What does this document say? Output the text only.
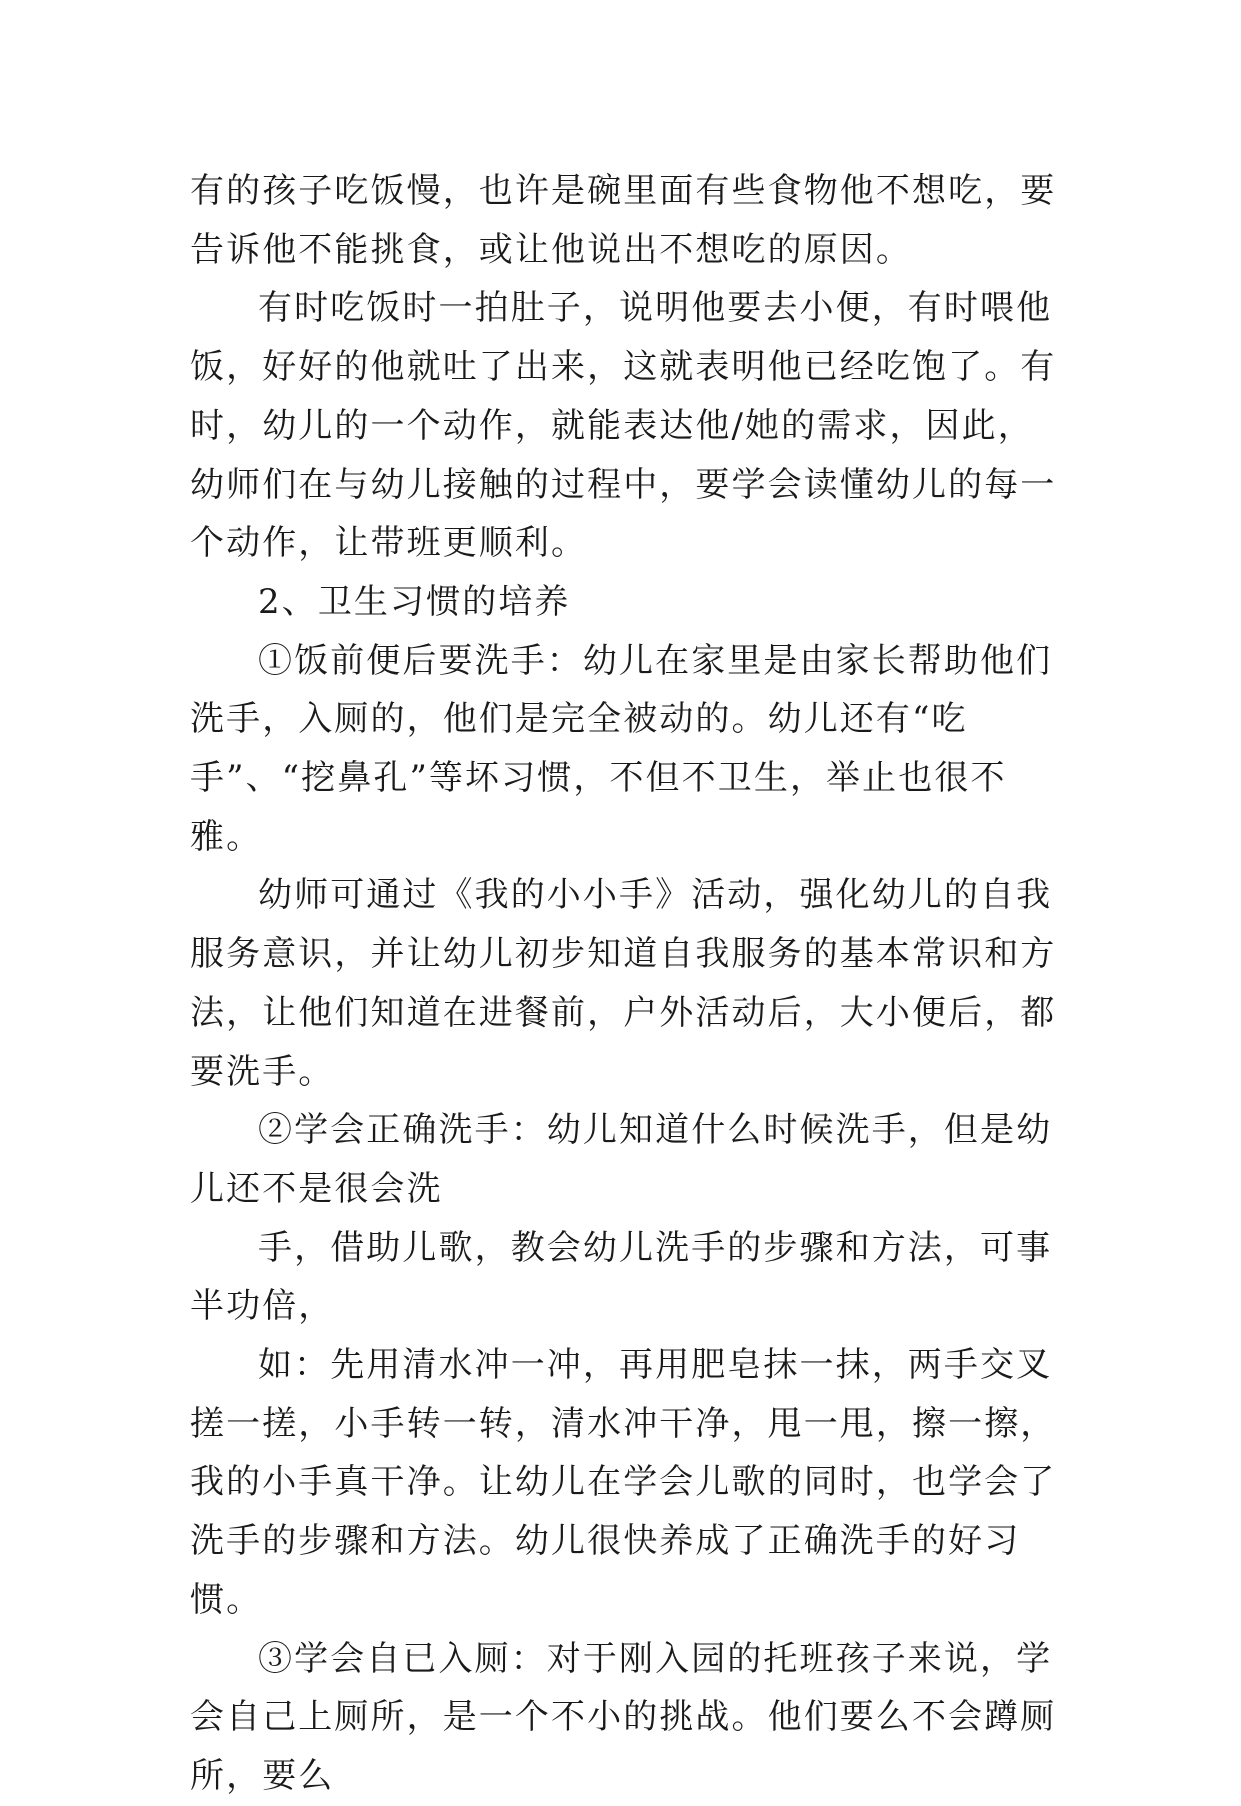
有的孩子吃饭慢，也许是碗里面有些食物他不想吃，要告诉他不能挑食，或让他说出不想吃的原因。

有时吃饭时一拍肚子，说明他要去小便，有时喂他饭，好好的他就吐了出来，这就表明他已经吃饱了。有时，幼儿的一个动作，就能表达他/她的需求，因此，幼师们在与幼儿接触的过程中，要学会读懂幼儿的每一个动作，让带班更顺利。

2、卫生习惯的培养

①饭前便后要洗手：幼儿在家里是由家长帮助他们洗手，入厕的，他们是完全被动的。幼儿还有“吃手”、“挖鼻孔”等坏习惯，不但不卫生，举止也很不雅。

幼师可通过《我的小小手》活动，强化幼儿的自我服务意识，并让幼儿初步知道自我服务的基本常识和方法，让他们知道在进餐前，户外活动后，大小便后，都要洗手。

②学会正确洗手：幼儿知道什么时候洗手，但是幼儿还不是很会洗

手，借助儿歌，教会幼儿洗手的步骤和方法，可事半功倍，

如：先用清水冲一冲，再用肥皂抹一抹，两手交叉搓一搓，小手转一转，清水冲干净，甩一甩，擦一擦，我的小手真干净。让幼儿在学会儿歌的同时，也学会了洗手的步骤和方法。幼儿很快养成了正确洗手的好习惯。

③学会自已入厕：对于刚入园的托班孩子来说，学会自己上厕所，是一个不小的挑战。他们要么不会蹲厕所，要么
